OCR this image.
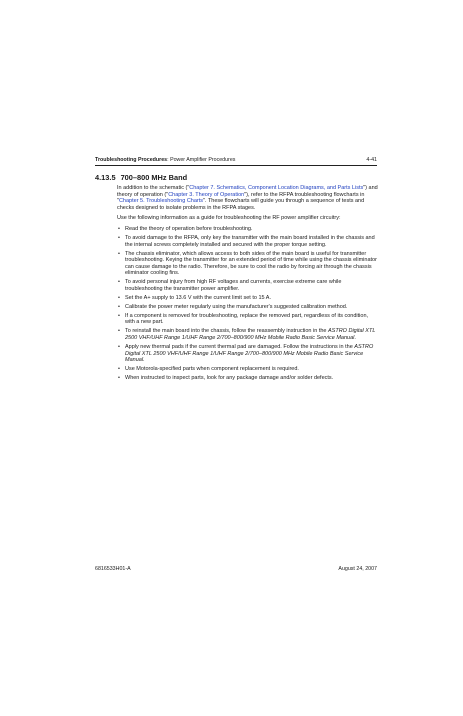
Troubleshooting Procedures: Power Amplifier Procedures	4-41
4.13.5 700–800 MHz Band

In addition to the schematic ("Chapter 7. Schematics, Component Location Diagrams, and Parts Lists") and theory of operation ("Chapter 3. Theory of Operation"), refer to the RFPA troubleshooting flowcharts in "Chapter 5. Troubleshooting Charts". These flowcharts will guide you through a sequence of tests and checks designed to isolate problems in the RFPA stages.

Use the following information as a guide for troubleshooting the RF power amplifier circuitry:

• Read the theory of operation before troubleshooting.
• To avoid damage to the RFPA, only key the transmitter with the main board installed in the chassis and the internal screws completely installed and secured with the proper torque setting.
• The chassis eliminator, which allows access to both sides of the main board is useful for transmitter troubleshooting. Keying the transmitter for an extended period of time while using the chassis eliminator can cause damage to the radio. Therefore, be sure to cool the radio by forcing air through the chassis eliminator cooling fins.
• To avoid personal injury from high RF voltages and currents, exercise extreme care while troubleshooting the transmitter power amplifier.
• Set the A+ supply to 13.6 V with the current limit set to 15 A.
• Calibrate the power meter regularly using the manufacturer's suggested calibration method.
• If a component is removed for troubleshooting, replace the removed part, regardless of its condition, with a new part.
• To reinstall the main board into the chassis, follow the reassembly instruction in the ASTRO Digital XTL 2500 VHF/UHF Range 1/UHF Range 2/700–800/900 MHz Mobile Radio Basic Service Manual.
• Apply new thermal pads if the current thermal pad are damaged. Follow the instructions in the ASTRO Digital XTL 2500 VHF/UHF Range 1/UHF Range 2/700–800/900 MHz Mobile Radio Basic Service Manual.
• Use Motorola-specified parts when component replacement is required.
• When instructed to inspect parts, look for any package damage and/or solder defects.
6816533H01-A	August 24, 2007
